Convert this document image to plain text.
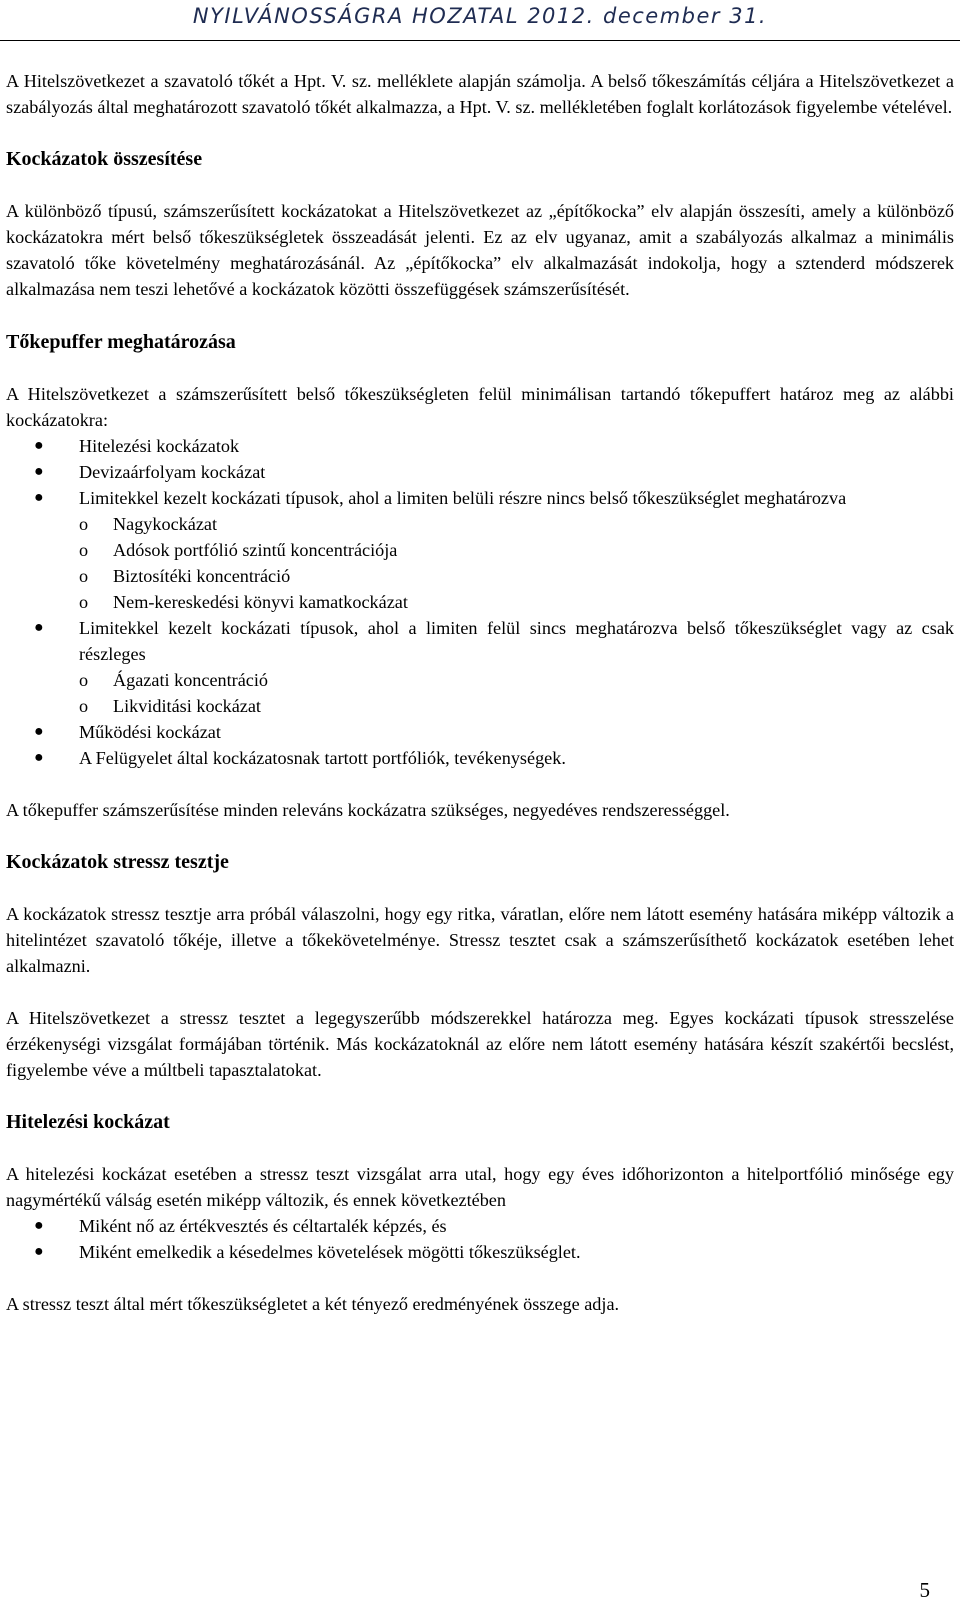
NYILVÁNOSSÁGRA HOZATAL 2012. december 31.

A Hitelszövetkezet a szavatoló tőkét a Hpt. V. sz. melléklete alapján számolja. A belső tőkeszámítás céljára a Hitelszövetkezet a szabályozás által meghatározott szavatoló tőkét alkalmazza, a Hpt. V. sz. mellékletében foglalt korlátozások figyelembe vételével.

Kockázatok összesítése

A különböző típusú, számszerűsített kockázatokat a Hitelszövetkezet az „építőkocka” elv alapján összesíti, amely a különböző kockázatokra mért belső tőkeszükségletek összeadását jelenti. Ez az elv ugyanaz, amit a szabályozás alkalmaz a minimális szavatoló tőke követelmény meghatározásánál. Az „építőkocka” elv alkalmazását indokolja, hogy a sztenderd módszerek alkalmazása nem teszi lehetővé a kockázatok közötti összefüggések számszerűsítését.

Tőkepuffer meghatározása

A Hitelszövetkezet a számszerűsített belső tőkeszükségleten felül minimálisan tartandó tőkepuffert határoz meg az alábbi kockázatokra:

● Hitelezési kockázatok
● Devizaárfolyam kockázat
● Limitekkel kezelt kockázati típusok, ahol a limiten belüli részre nincs belső tőkeszükséglet meghatározva
o Nagykockázat
o Adósok portfólió szintű koncentrációja
o Biztosítéki koncentráció
o Nem-kereskedési könyvi kamatkockázat
● Limitekkel kezelt kockázati típusok, ahol a limiten felül sincs meghatározva belső tőkeszükséglet vagy az csak részleges
o Ágazati koncentráció
o Likviditási kockázat
● Működési kockázat
● A Felügyelet által kockázatosnak tartott portfóliók, tevékenységek.

A tőkepuffer számszerűsítése minden releváns kockázatra szükséges, negyedéves rendszerességgel.

Kockázatok stressz tesztje

A kockázatok stressz tesztje arra próbál válaszolni, hogy egy ritka, váratlan, előre nem látott esemény hatására miképp változik a hitelintézet szavatoló tőkéje, illetve a tőkekövetelménye. Stressz tesztet csak a számszerűsíthető kockázatok esetében lehet alkalmazni.

A Hitelszövetkezet a stressz tesztet a legegyszerűbb módszerekkel határozza meg. Egyes kockázati típusok stresszelése érzékenységi vizsgálat formájában történik. Más kockázatoknál az előre nem látott esemény hatására készít szakértői becslést, figyelembe véve a múltbeli tapasztalatokat.

Hitelezési kockázat

A hitelezési kockázat esetében a stressz teszt vizsgálat arra utal, hogy egy éves időhorizonton a hitelportfólió minősége egy nagymértékű válság esetén miképp változik, és ennek következtében

● Miként nő az értékvesztés és céltartalék képzés, és
● Miként emelkedik a késedelmes követelések mögötti tőkeszükséglet.

A stressz teszt által mért tőkeszükségletet a két tényező eredményének összege adja.

5
